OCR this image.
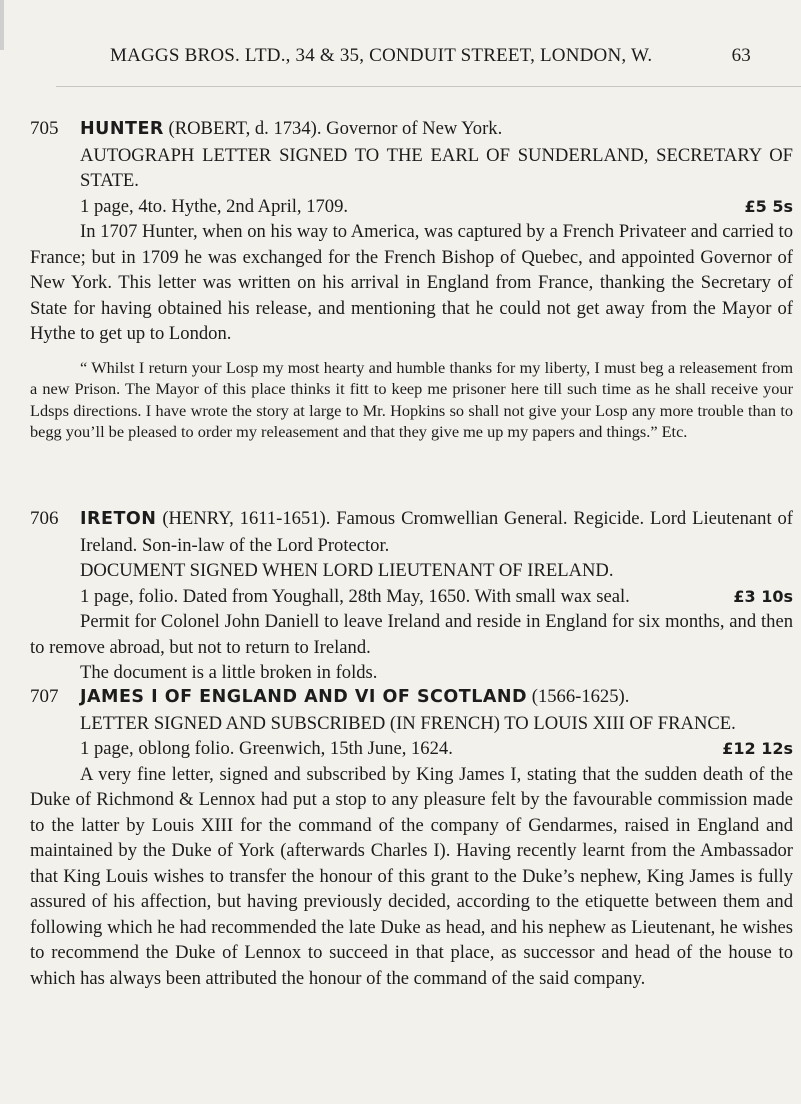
MAGGS BROS. LTD., 34 & 35, CONDUIT STREET, LONDON, W.	63

705 HUNTER (ROBERT, d. 1734). Governor of New York.

AUTOGRAPH LETTER SIGNED TO THE EARL OF SUNDERLAND, SECRETARY OF STATE.

1 page, 4to. Hythe, 2nd April, 1709.	£5 5s

In 1707 Hunter, when on his way to America, was captured by a French Privateer and carried to France; but in 1709 he was exchanged for the French Bishop of Quebec, and appointed Governor of New York. This letter was written on his arrival in England from France, thanking the Secretary of State for having obtained his release, and mentioning that he could not get away from the Mayor of Hythe to get up to London.

“ Whilst I return your Losp my most hearty and humble thanks for my liberty, I must beg a releasement from a new Prison. The Mayor of this place thinks it fitt to keep me prisoner here till such time as he shall receive your Ldsps directions. I have wrote the story at large to Mr. Hopkins so shall not give your Losp any more trouble than to begg you’ll be pleased to order my releasement and that they give me up my papers and things.” Etc.

706 IRETON (HENRY, 1611-1651). Famous Cromwellian General. Regicide. Lord Lieutenant of Ireland. Son-in-law of the Lord Protector.

DOCUMENT SIGNED WHEN LORD LIEUTENANT OF IRELAND.

1 page, folio. Dated from Youghall, 28th May, 1650. With small wax seal.	£3 10s

Permit for Colonel John Daniell to leave Ireland and reside in England for six months, and then to remove abroad, but not to return to Ireland.

The document is a little broken in folds.

707 JAMES I OF ENGLAND AND VI OF SCOTLAND (1566-1625).

LETTER SIGNED AND SUBSCRIBED (IN FRENCH) TO LOUIS XIII OF FRANCE.

1 page, oblong folio. Greenwich, 15th June, 1624.	£12 12s

A very fine letter, signed and subscribed by King James I, stating that the sudden death of the Duke of Richmond & Lennox had put a stop to any pleasure felt by the favourable commission made to the latter by Louis XIII for the command of the company of Gendarmes, raised in England and maintained by the Duke of York (afterwards Charles I). Having recently learnt from the Ambassador that King Louis wishes to transfer the honour of this grant to the Duke’s nephew, King James is fully assured of his affection, but having previously decided, according to the etiquette between them and following which he had recommended the late Duke as head, and his nephew as Lieutenant, he wishes to recommend the Duke of Lennox to succeed in that place, as successor and head of the house to which has always been attributed the honour of the command of the said company.
